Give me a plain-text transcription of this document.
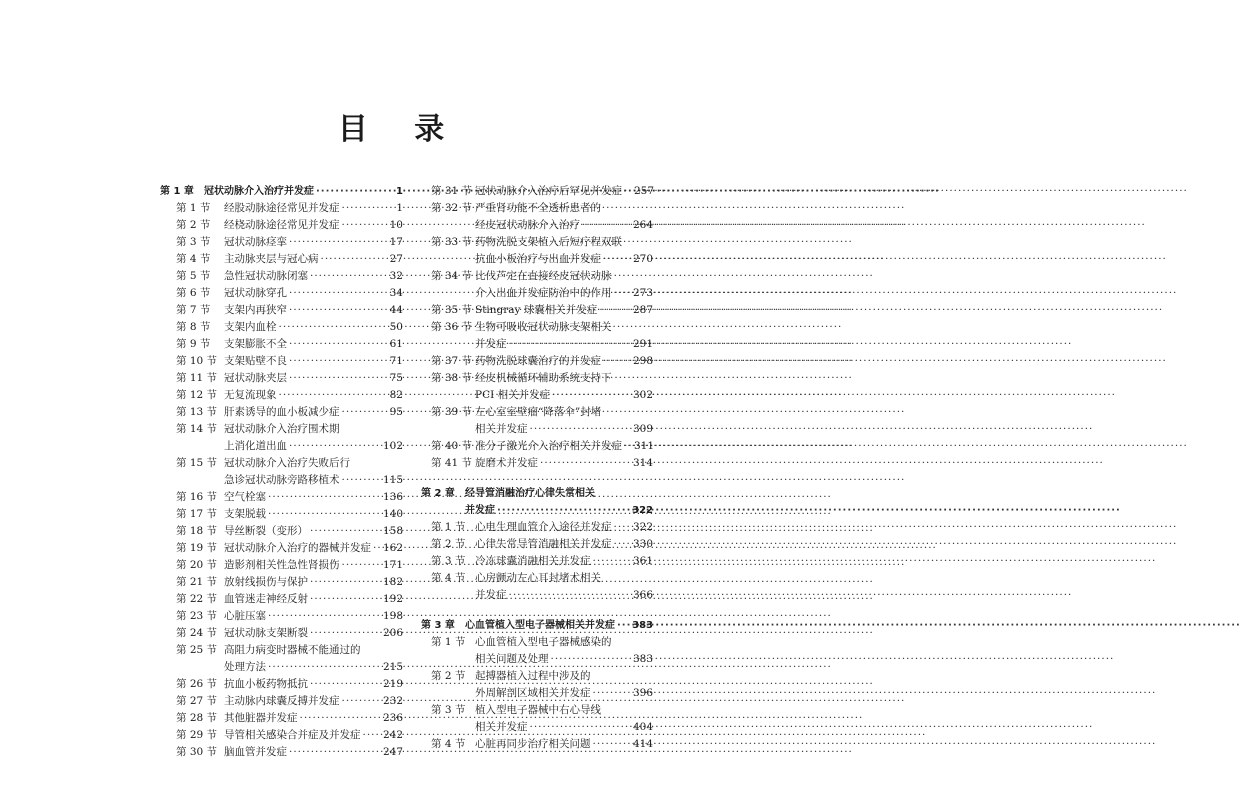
目 录
第 1 章	冠状动脉介入治疗并发症 ·····	1
第 1 节	经股动脉途径常见并发症 ·····	1
第 2 节	经桡动脉途径常见并发症 ·····	10
第 3 节	冠状动脉痉挛 ·····	17
第 4 节	主动脉夹层与冠心病 ·····	27
第 5 节	急性冠状动脉闭塞 ·····	32
第 6 节	冠状动脉穿孔 ·····	34
第 7 节	支架内再狭窄 ·····	44
第 8 节	支架内血栓 ·····	50
第 9 节	支架膨胀不全 ·····	61
第 10 节 支架贴壁不良 ·····	71
第 11 节 冠状动脉夹层 ·····	75
第 12 节 无复流现象 ·····	82
第 13 节 肝素诱导的血小板减少症 ·····	95
第 14 节 冠状动脉介入治疗围术期
上消化道出血 ·····	102
第 15 节 冠状动脉介入治疗失败后行
急诊冠状动脉旁路移植术 ·····	115
第 16 节 空气栓塞 ·····	136
第 17 节 支架脱载 ·····	140
第 18 节 导丝断裂（变形） ·····	158
第 19 节 冠状动脉介入治疗的器械并发症 ····· 162
第 20 节 造影剂相关性急性肾损伤 ·····	171
第 21 节 放射线损伤与保护 ·····	182
第 22 节 血管迷走神经反射 ·····	192
第 23 节 心脏压塞 ·····	198
第 24 节 冠状动脉支架断裂 ·····	206
第 25 节 高阻力病变时器械不能通过的
处理方法 ·····	215
第 26 节 抗血小板药物抵抗 ·····	219
第 27 节 主动脉内球囊反搏并发症 ·····	232
第 28 节 其他脏器并发症 ·····	236
第 29 节 导管相关感染合并症及并发症 ····· 242
第 30 节 脑血管并发症 ·····	247
第 31 节 冠状动脉介入治疗后罕见并发症 ····· 257
第 32 节 严重肾功能不全透析患者的
经皮冠状动脉介入治疗 ·····	264
第 33 节 药物洗脱支架植入后短疗程双联
抗血小板治疗与出血并发症 ·····	270
第 34 节 比伐芦定在直接经皮冠状动脉
介入出血并发症防治中的作用 ····· 273
第 35 节 Stingray 球囊相关并发症 ·····	287
第 36 节 生物可吸收冠状动脉支架相关
并发症 ·····	291
第 37 节 药物洗脱球囊治疗的并发症 ·····	298
第 38 节 经皮机械循环辅助系统支持下
PCI 相关并发症 ·····	302
第 39 节 左心室室壁瘤“降落伞”封堵
相关并发症 ·····	309
第 40 节 准分子激光介入治疗相关并发症 ····· 311
第 41 节 旋磨术并发症 ·····	314
第 2 章	经导管消融治疗心律失常相关
并发症 ·····	322
第 1 节 心电生理血管介入途径并发症 ····· 322
第 2 节 心律失常导管消融相关并发症 ····· 330
第 3 节 冷冻球囊消融相关并发症 ·····	361
第 4 节 心房颤动左心耳封堵术相关
并发症 ·····	366
第 3 章	心血管植入型电子器械相关并发症 ····· 383
第 1 节 心血管植入型电子器械感染的
相关问题及处理 ·····	383
第 2 节 起搏器植入过程中涉及的
外周解剖区域相关并发症 ·····	396
第 3 节 植入型电子器械中右心导线
相关并发症 ·····	404
第 4 节 心脏再同步治疗相关问题 ·····	414
